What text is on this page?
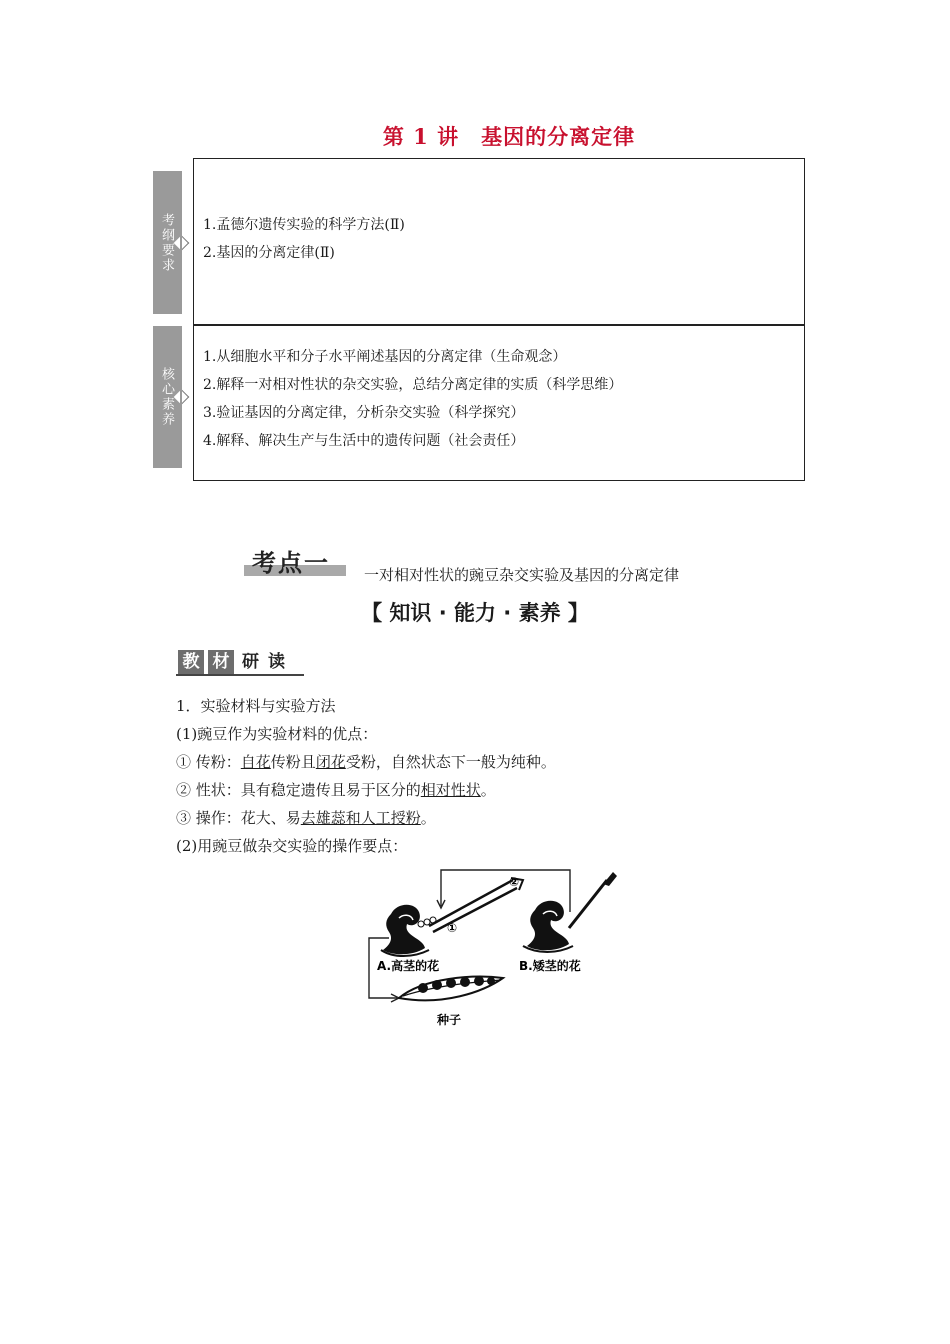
第 1 讲　基因的分离定律
考纲要求 1.孟德尔遗传实验的科学方法(Ⅱ)
2.基因的分离定律(Ⅱ)
核心素养
1.从细胞水平和分子水平阐述基因的分离定律（生命观念）
2.解释一对相对性状的杂交实验，总结分离定律的实质（科学思维）
3.验证基因的分离定律，分析杂交实验（科学探究）
4.解释、解决生产与生活中的遗传问题（社会责任）
考点一 一对相对性状的豌豆杂交实验及基因的分离定律
【 知识 · 能力 · 素养 】
教 材 研 读
1．实验材料与实验方法
(1)豌豆作为实验材料的优点：
① 传粉：自花传粉且闭花受粉，自然状态下一般为纯种。
② 性状：具有稳定遗传且易于区分的相对性状。
③ 操作：花大、易去雄蕊和人工授粉。
(2)用豌豆做杂交实验的操作要点：
①
②
A.高茎的花	B.矮茎的花
种子
